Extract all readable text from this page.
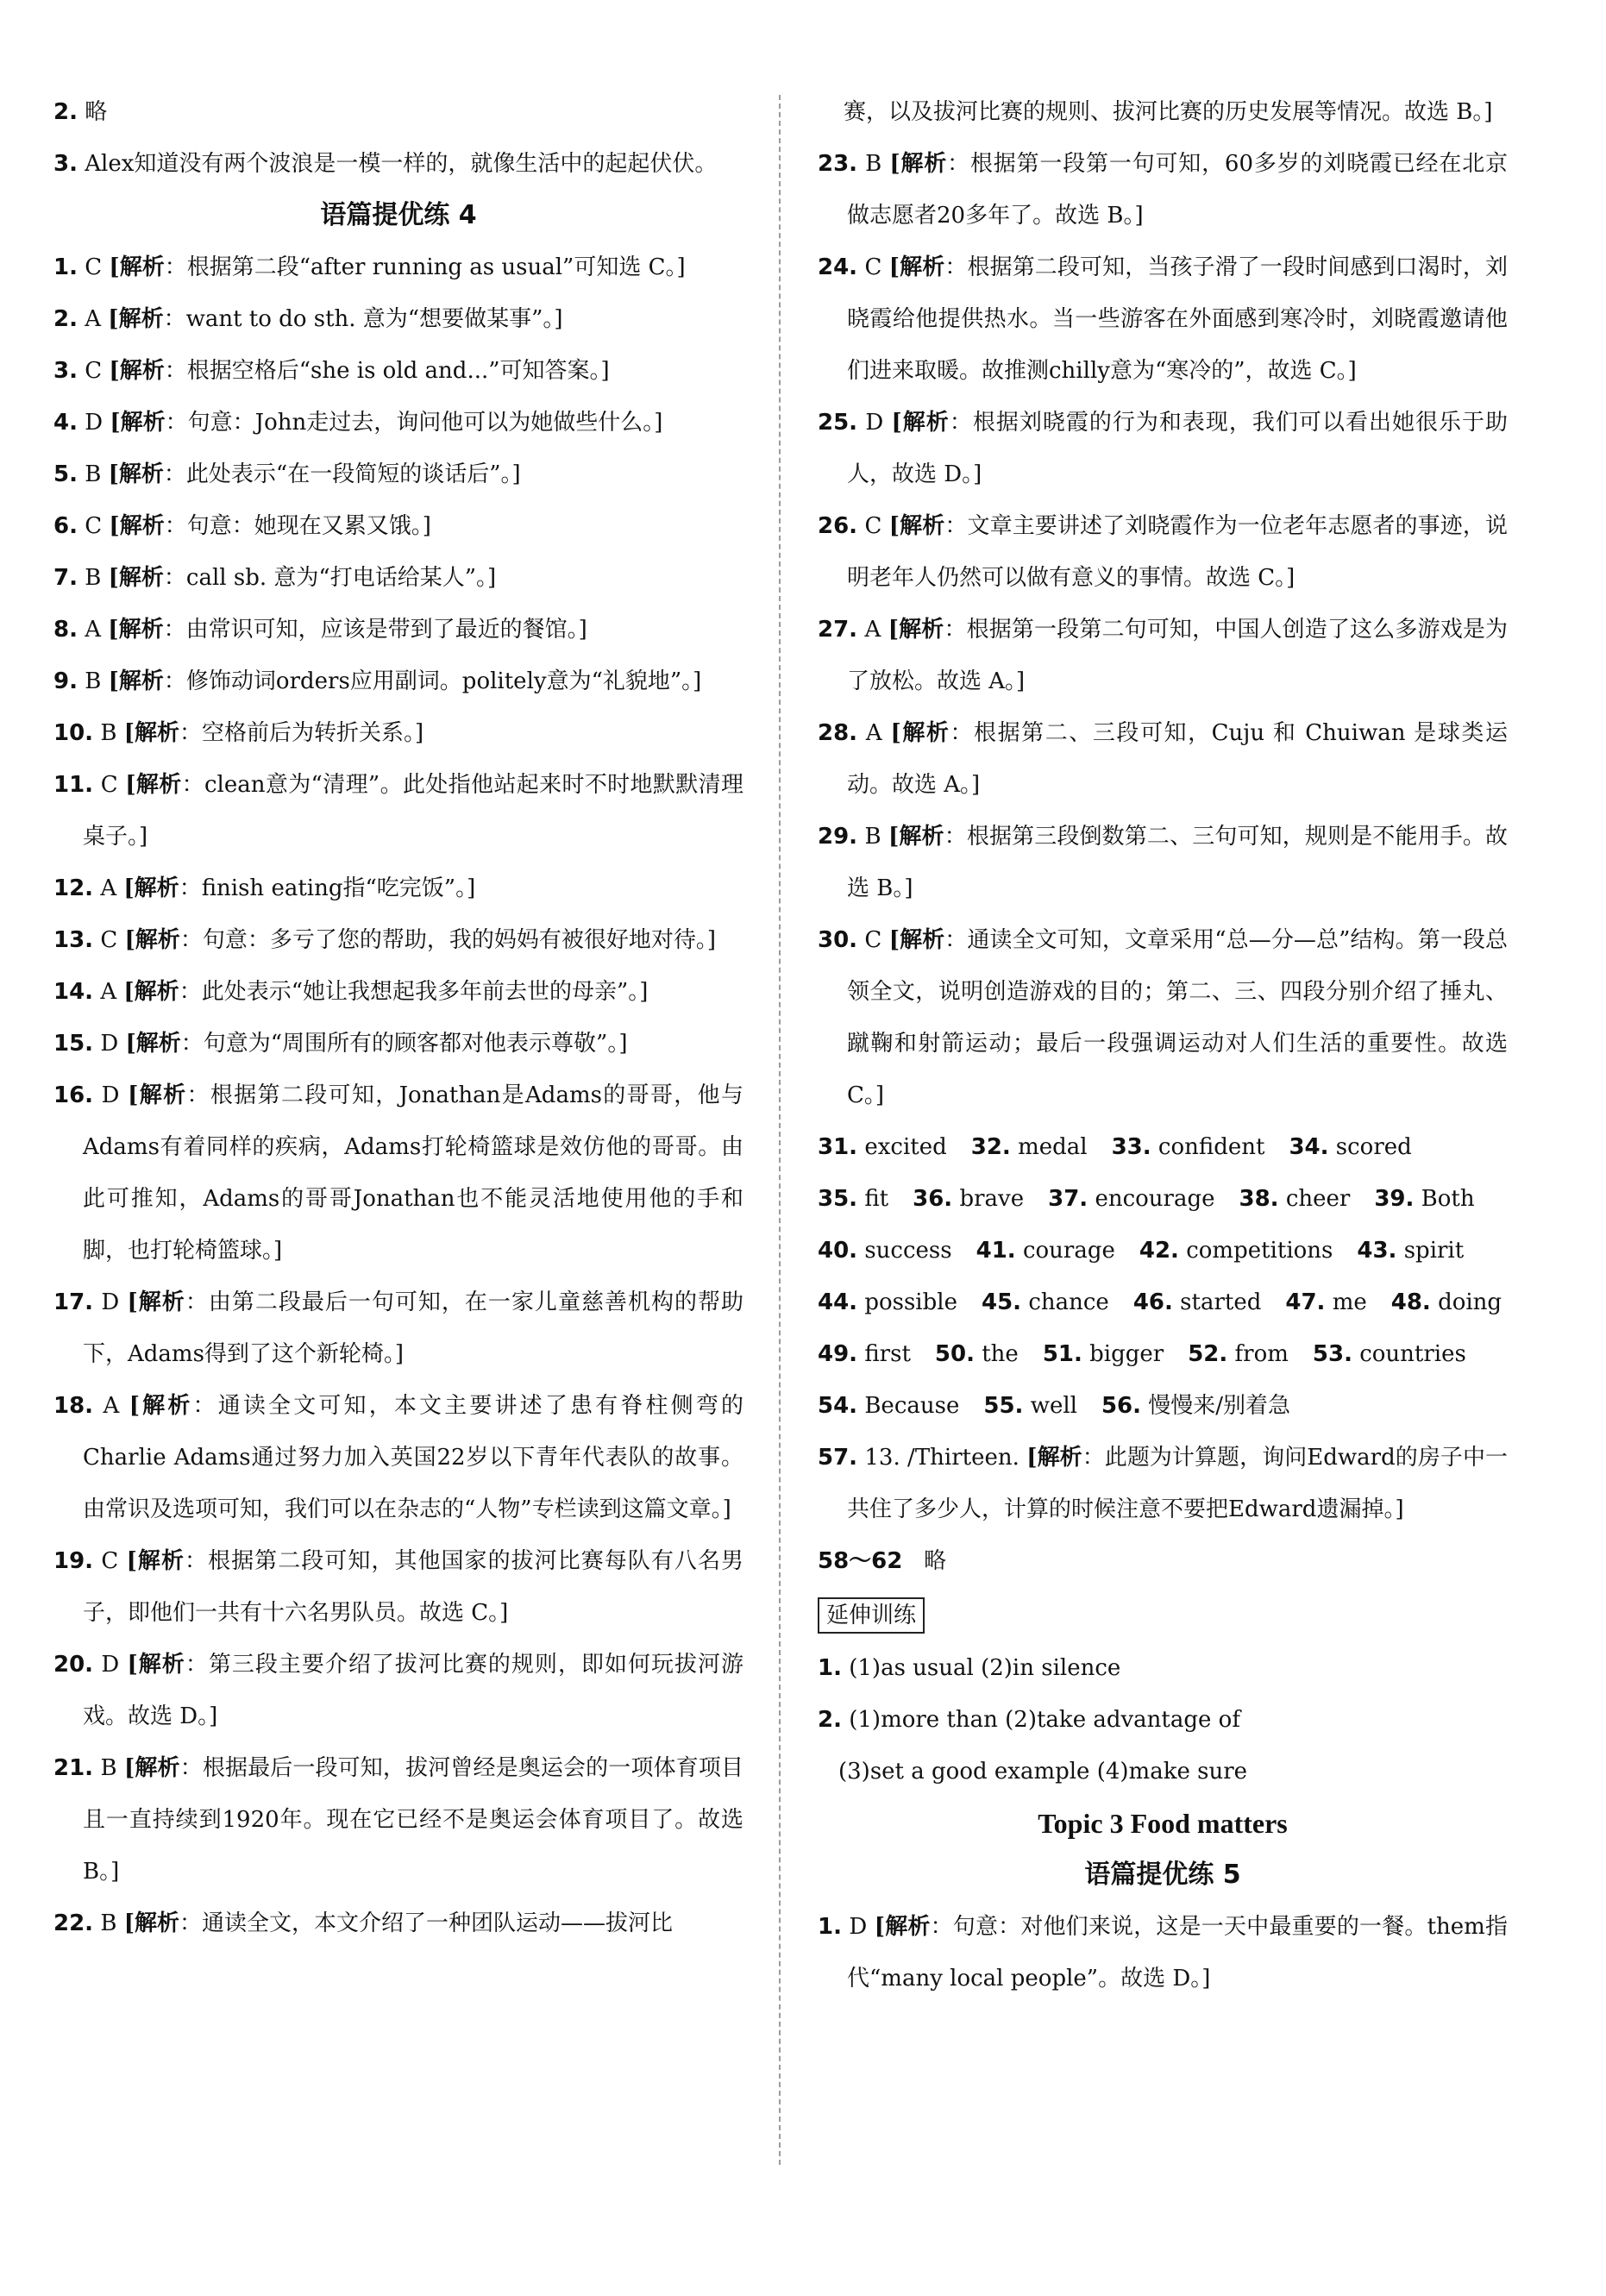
2. 略

3. Alex知道没有两个波浪是一模一样的，就像生活中的起起伏伏。

语篇提优练 4

1. C [解析：根据第二段“after running as usual”可知选 C。]

2. A [解析：want to do sth. 意为“想要做某事”。]

3. C [解析：根据空格后“she is old and...”可知答案。]

4. D [解析：句意：John走过去，询问他可以为她做些什么。]

5. B [解析：此处表示“在一段简短的谈话后”。]

6. C [解析：句意：她现在又累又饿。]

7. B [解析：call sb. 意为“打电话给某人”。]

8. A [解析：由常识可知，应该是带到了最近的餐馆。]

9. B [解析：修饰动词orders应用副词。politely意为“礼貌地”。]

10. B [解析：空格前后为转折关系。]

11. C [解析：clean意为“清理”。此处指他站起来时不时地默默清理桌子。]

12. A [解析：finish eating指“吃完饭”。]

13. C [解析：句意：多亏了您的帮助，我的妈妈有被很好地对待。]

14. A [解析：此处表示“她让我想起我多年前去世的母亲”。]

15. D [解析：句意为“周围所有的顾客都对他表示尊敬”。]

16. D [解析：根据第二段可知，Jonathan是Adams的哥哥，他与Adams有着同样的疾病，Adams打轮椅篮球是效仿他的哥哥。由此可推知，Adams的哥哥Jonathan也不能灵活地使用他的手和脚，也打轮椅篮球。]

17. D [解析：由第二段最后一句可知，在一家儿童慈善机构的帮助下，Adams得到了这个新轮椅。]

18. A [解析：通读全文可知，本文主要讲述了患有脊柱侧弯的Charlie Adams通过努力加入英国22岁以下青年代表队的故事。由常识及选项可知，我们可以在杂志的“人物”专栏读到这篇文章。]

19. C [解析：根据第二段可知，其他国家的拔河比赛每队有八名男子，即他们一共有十六名男队员。故选 C。]

20. D [解析：第三段主要介绍了拔河比赛的规则，即如何玩拔河游戏。故选 D。]

21. B [解析：根据最后一段可知，拔河曾经是奥运会的一项体育项目且一直持续到1920年。现在它已经不是奥运会体育项目了。故选 B。]

22. B [解析：通读全文，本文介绍了一种团队运动——拔河比

赛，以及拔河比赛的规则、拔河比赛的历史发展等情况。故选 B。]

23. B [解析：根据第一段第一句可知，60多岁的刘晓霞已经在北京做志愿者20多年了。故选 B。]

24. C [解析：根据第二段可知，当孩子滑了一段时间感到口渴时，刘晓霞给他提供热水。当一些游客在外面感到寒冷时，刘晓霞邀请他们进来取暖。故推测chilly意为“寒冷的”，故选 C。]

25. D [解析：根据刘晓霞的行为和表现，我们可以看出她很乐于助人，故选 D。]

26. C [解析：文章主要讲述了刘晓霞作为一位老年志愿者的事迹，说明老年人仍然可以做有意义的事情。故选 C。]

27. A [解析：根据第一段第二句可知，中国人创造了这么多游戏是为了放松。故选 A。]

28. A [解析：根据第二、三段可知，Cuju 和 Chuiwan 是球类运动。故选 A。]

29. B [解析：根据第三段倒数第二、三句可知，规则是不能用手。故选 B。]

30. C [解析：通读全文可知，文章采用“总—分—总”结构。第一段总领全文，说明创造游戏的目的；第二、三、四段分别介绍了捶丸、蹴鞠和射箭运动；最后一段强调运动对人们生活的重要性。故选 C。]

31. excited 32. medal 33. confident 34. scored

35. fit 36. brave 37. encourage 38. cheer 39. Both

40. success 41. courage 42. competitions 43. spirit

44. possible 45. chance 46. started 47. me 48. doing

49. first 50. the 51. bigger 52. from 53. countries

54. Because 55. well 56. 慢慢来/别着急

57. 13. /Thirteen. [解析：此题为计算题，询问Edward的房子中一共住了多少人，计算的时候注意不要把Edward遗漏掉。]

58～62 略

延伸训练

1. (1)as usual (2)in silence

2. (1)more than (2)take advantage of

(3)set a good example (4)make sure

Topic 3 Food matters

语篇提优练 5

1. D [解析：句意：对他们来说，这是一天中最重要的一餐。them指代“many local people”。故选 D。]
